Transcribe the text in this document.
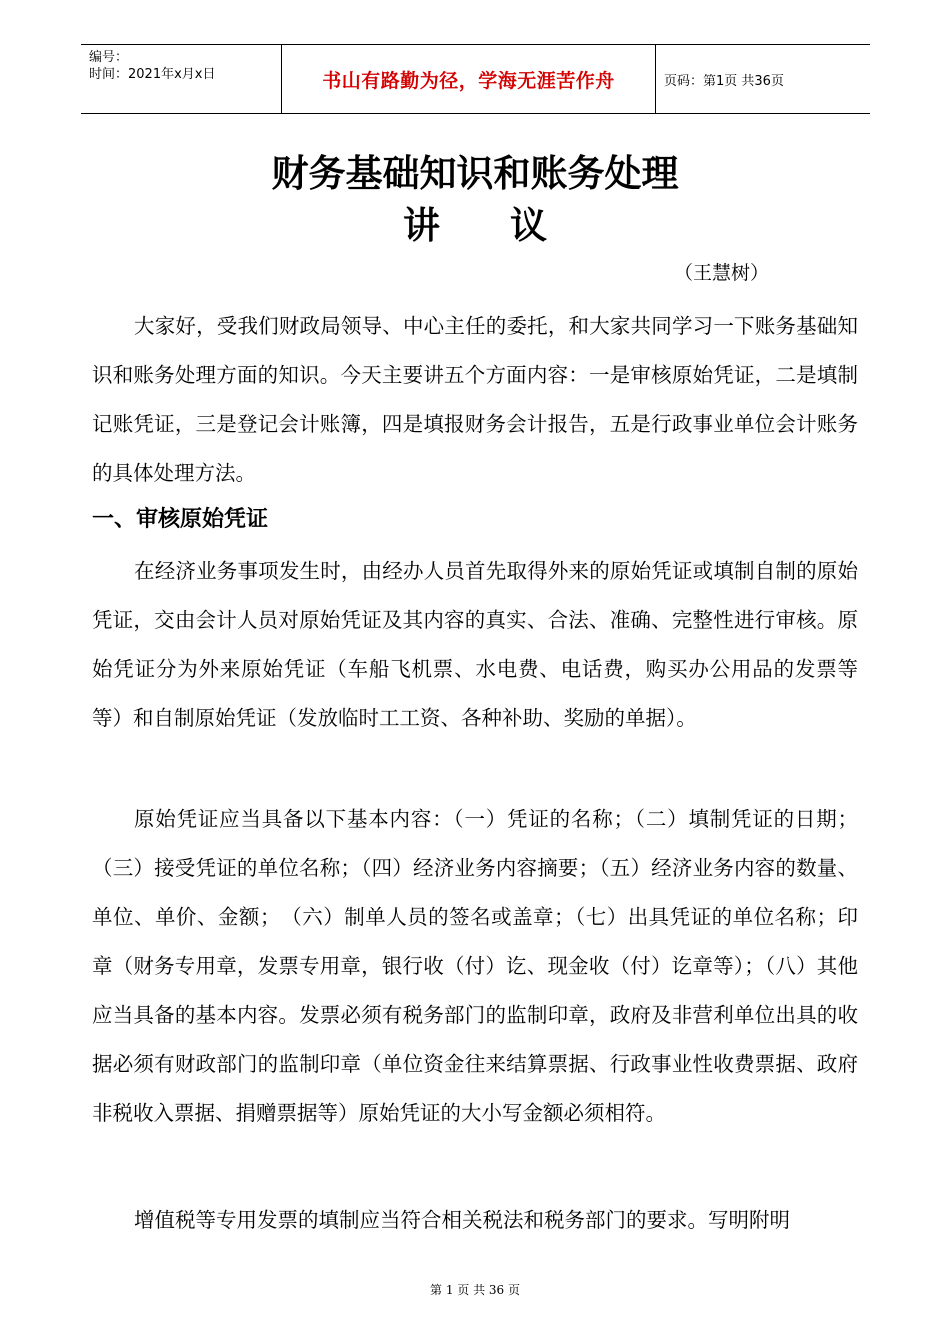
编号：
时间：2021年x月x日	书山有路勤为径，学海无涯苦作舟	页码：第1页 共36页
财务基础知识和账务处理
讲 议
（王慧树）

大家好，受我们财政局领导、中心主任的委托，和大家共同学习一下账务基础知识和账务处理方面的知识。今天主要讲五个方面内容：一是审核原始凭证，二是填制记账凭证，三是登记会计账簿，四是填报财务会计报告，五是行政事业单位会计账务的具体处理方法。

一、审核原始凭证

在经济业务事项发生时，由经办人员首先取得外来的原始凭证或填制自制的原始凭证，交由会计人员对原始凭证及其内容的真实、合法、准确、完整性进行审核。原始凭证分为外来原始凭证（车船飞机票、水电费、电话费，购买办公用品的发票等等）和自制原始凭证（发放临时工工资、各种补助、奖励的单据）。

原始凭证应当具备以下基本内容：（一）凭证的名称；（二）填制凭证的日期；（三）接受凭证的单位名称；（四）经济业务内容摘要；（五）经济业务内容的数量、单位、单价、金额；　（六）制单人员的签名或盖章；（七）出具凭证的单位名称；印章（财务专用章，发票专用章，银行收（付）讫、现金收（付）讫章等）；（八）其他应当具备的基本内容。发票必须有税务部门的监制印章，政府及非营利单位出具的收据必须有财政部门的监制印章（单位资金往来结算票据、行政事业性收费票据、政府非税收入票据、捐赠票据等）原始凭证的大小写金额必须相符。

增值税等专用发票的填制应当符合相关税法和税务部门的要求。写明附明

第 1 页 共 36 页
